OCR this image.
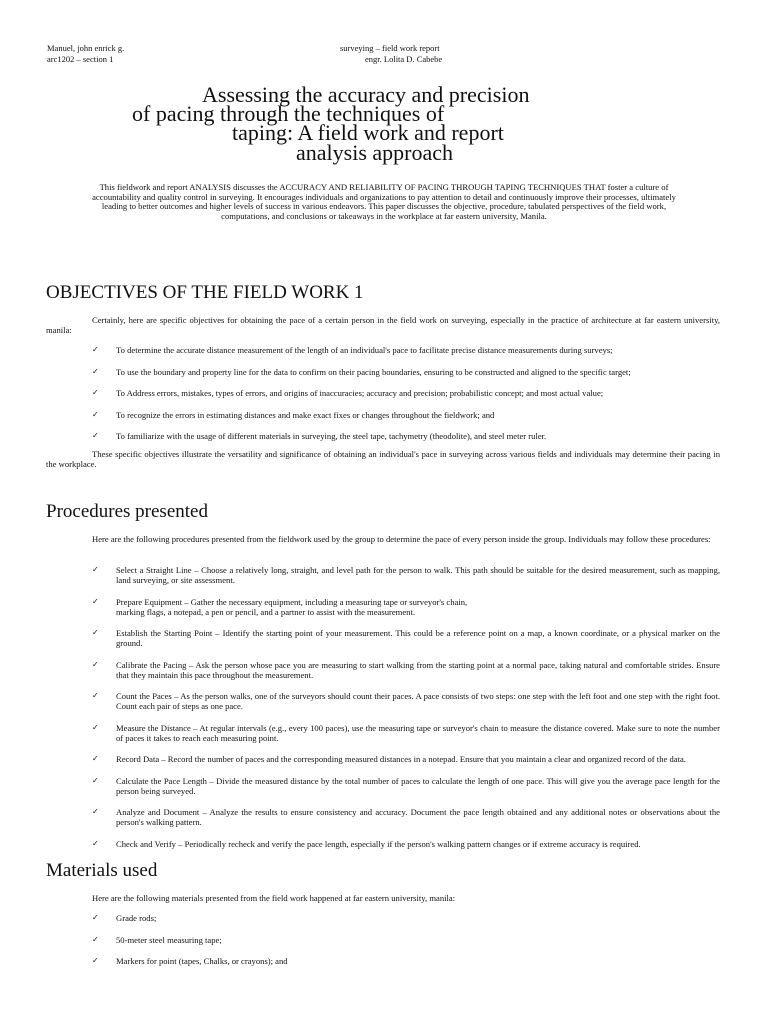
Manuel, john enrick g.
arc1202 – section 1
surveying – field work report
engr. Lolita D. Cabebe
Assessing the accuracy and precision
of pacing through the techniques of
taping: A field work and report
analysis approach
This fieldwork and report ANALYSIS discusses the ACCURACY AND RELIABILITY OF PACING THROUGH TAPING TECHNIQUES THAT foster a culture of accountability and quality control in surveying. It encourages individuals and organizations to pay attention to detail and continuously improve their processes, ultimately leading to better outcomes and higher levels of success in various endeavors. This paper discusses the objective, procedure, tabulated perspectives of the field work, computations, and conclusions or takeaways in the workplace at far eastern university, Manila.
OBJECTIVES OF THE FIELD WORK 1
Certainly, here are specific objectives for obtaining the pace of a certain person in the field work on surveying, especially in the practice of architecture at far eastern university, manila:
✓ To determine the accurate distance measurement of the length of an individual's pace to facilitate precise distance measurements during surveys;
✓ To use the boundary and property line for the data to confirm on their pacing boundaries, ensuring to be constructed and aligned to the specific target;
✓ To Address errors, mistakes, types of errors, and origins of inaccuracies; accuracy and precision; probabilistic concept; and most actual value;
✓ To recognize the errors in estimating distances and make exact fixes or changes throughout the fieldwork; and
✓ To familiarize with the usage of different materials in surveying, the steel tape, tachymetry (theodolite), and steel meter ruler.
These specific objectives illustrate the versatility and significance of obtaining an individual's pace in surveying across various fields and individuals may determine their pacing in the workplace.
Procedures presented
Here are the following procedures presented from the fieldwork used by the group to determine the pace of every person inside the group. Individuals may follow these procedures:
✓ Select a Straight Line – Choose a relatively long, straight, and level path for the person to walk. This path should be suitable for the desired measurement, such as mapping, land surveying, or site assessment.
✓ Prepare Equipment – Gather the necessary equipment, including a measuring tape or surveyor's chain,
marking flags, a notepad, a pen or pencil, and a partner to assist with the measurement.
✓ Establish the Starting Point – Identify the starting point of your measurement. This could be a reference point on a map, a known coordinate, or a physical marker on the ground.
✓ Calibrate the Pacing – Ask the person whose pace you are measuring to start walking from the starting point at a normal pace, taking natural and comfortable strides. Ensure that they maintain this pace throughout the measurement.
✓ Count the Paces – As the person walks, one of the surveyors should count their paces. A pace consists of two steps: one step with the left foot and one step with the right foot. Count each pair of steps as one pace.
✓ Measure the Distance – At regular intervals (e.g., every 100 paces), use the measuring tape or surveyor's chain to measure the distance covered. Make sure to note the number of paces it takes to reach each measuring point.
✓ Record Data – Record the number of paces and the corresponding measured distances in a notepad. Ensure that you maintain a clear and organized record of the data.
✓ Calculate the Pace Length – Divide the measured distance by the total number of paces to calculate the length of one pace. This will give you the average pace length for the person being surveyed.
✓ Analyze and Document – Analyze the results to ensure consistency and accuracy. Document the pace length obtained and any additional notes or observations about the person's walking pattern.
✓ Check and Verify – Periodically recheck and verify the pace length, especially if the person's walking pattern changes or if extreme accuracy is required.
Materials used
Here are the following materials presented from the field work happened at far eastern university, manila:
✓ Grade rods;
✓ 50-meter steel measuring tape;
✓ Markers for point (tapes, Chalks, or crayons); and
